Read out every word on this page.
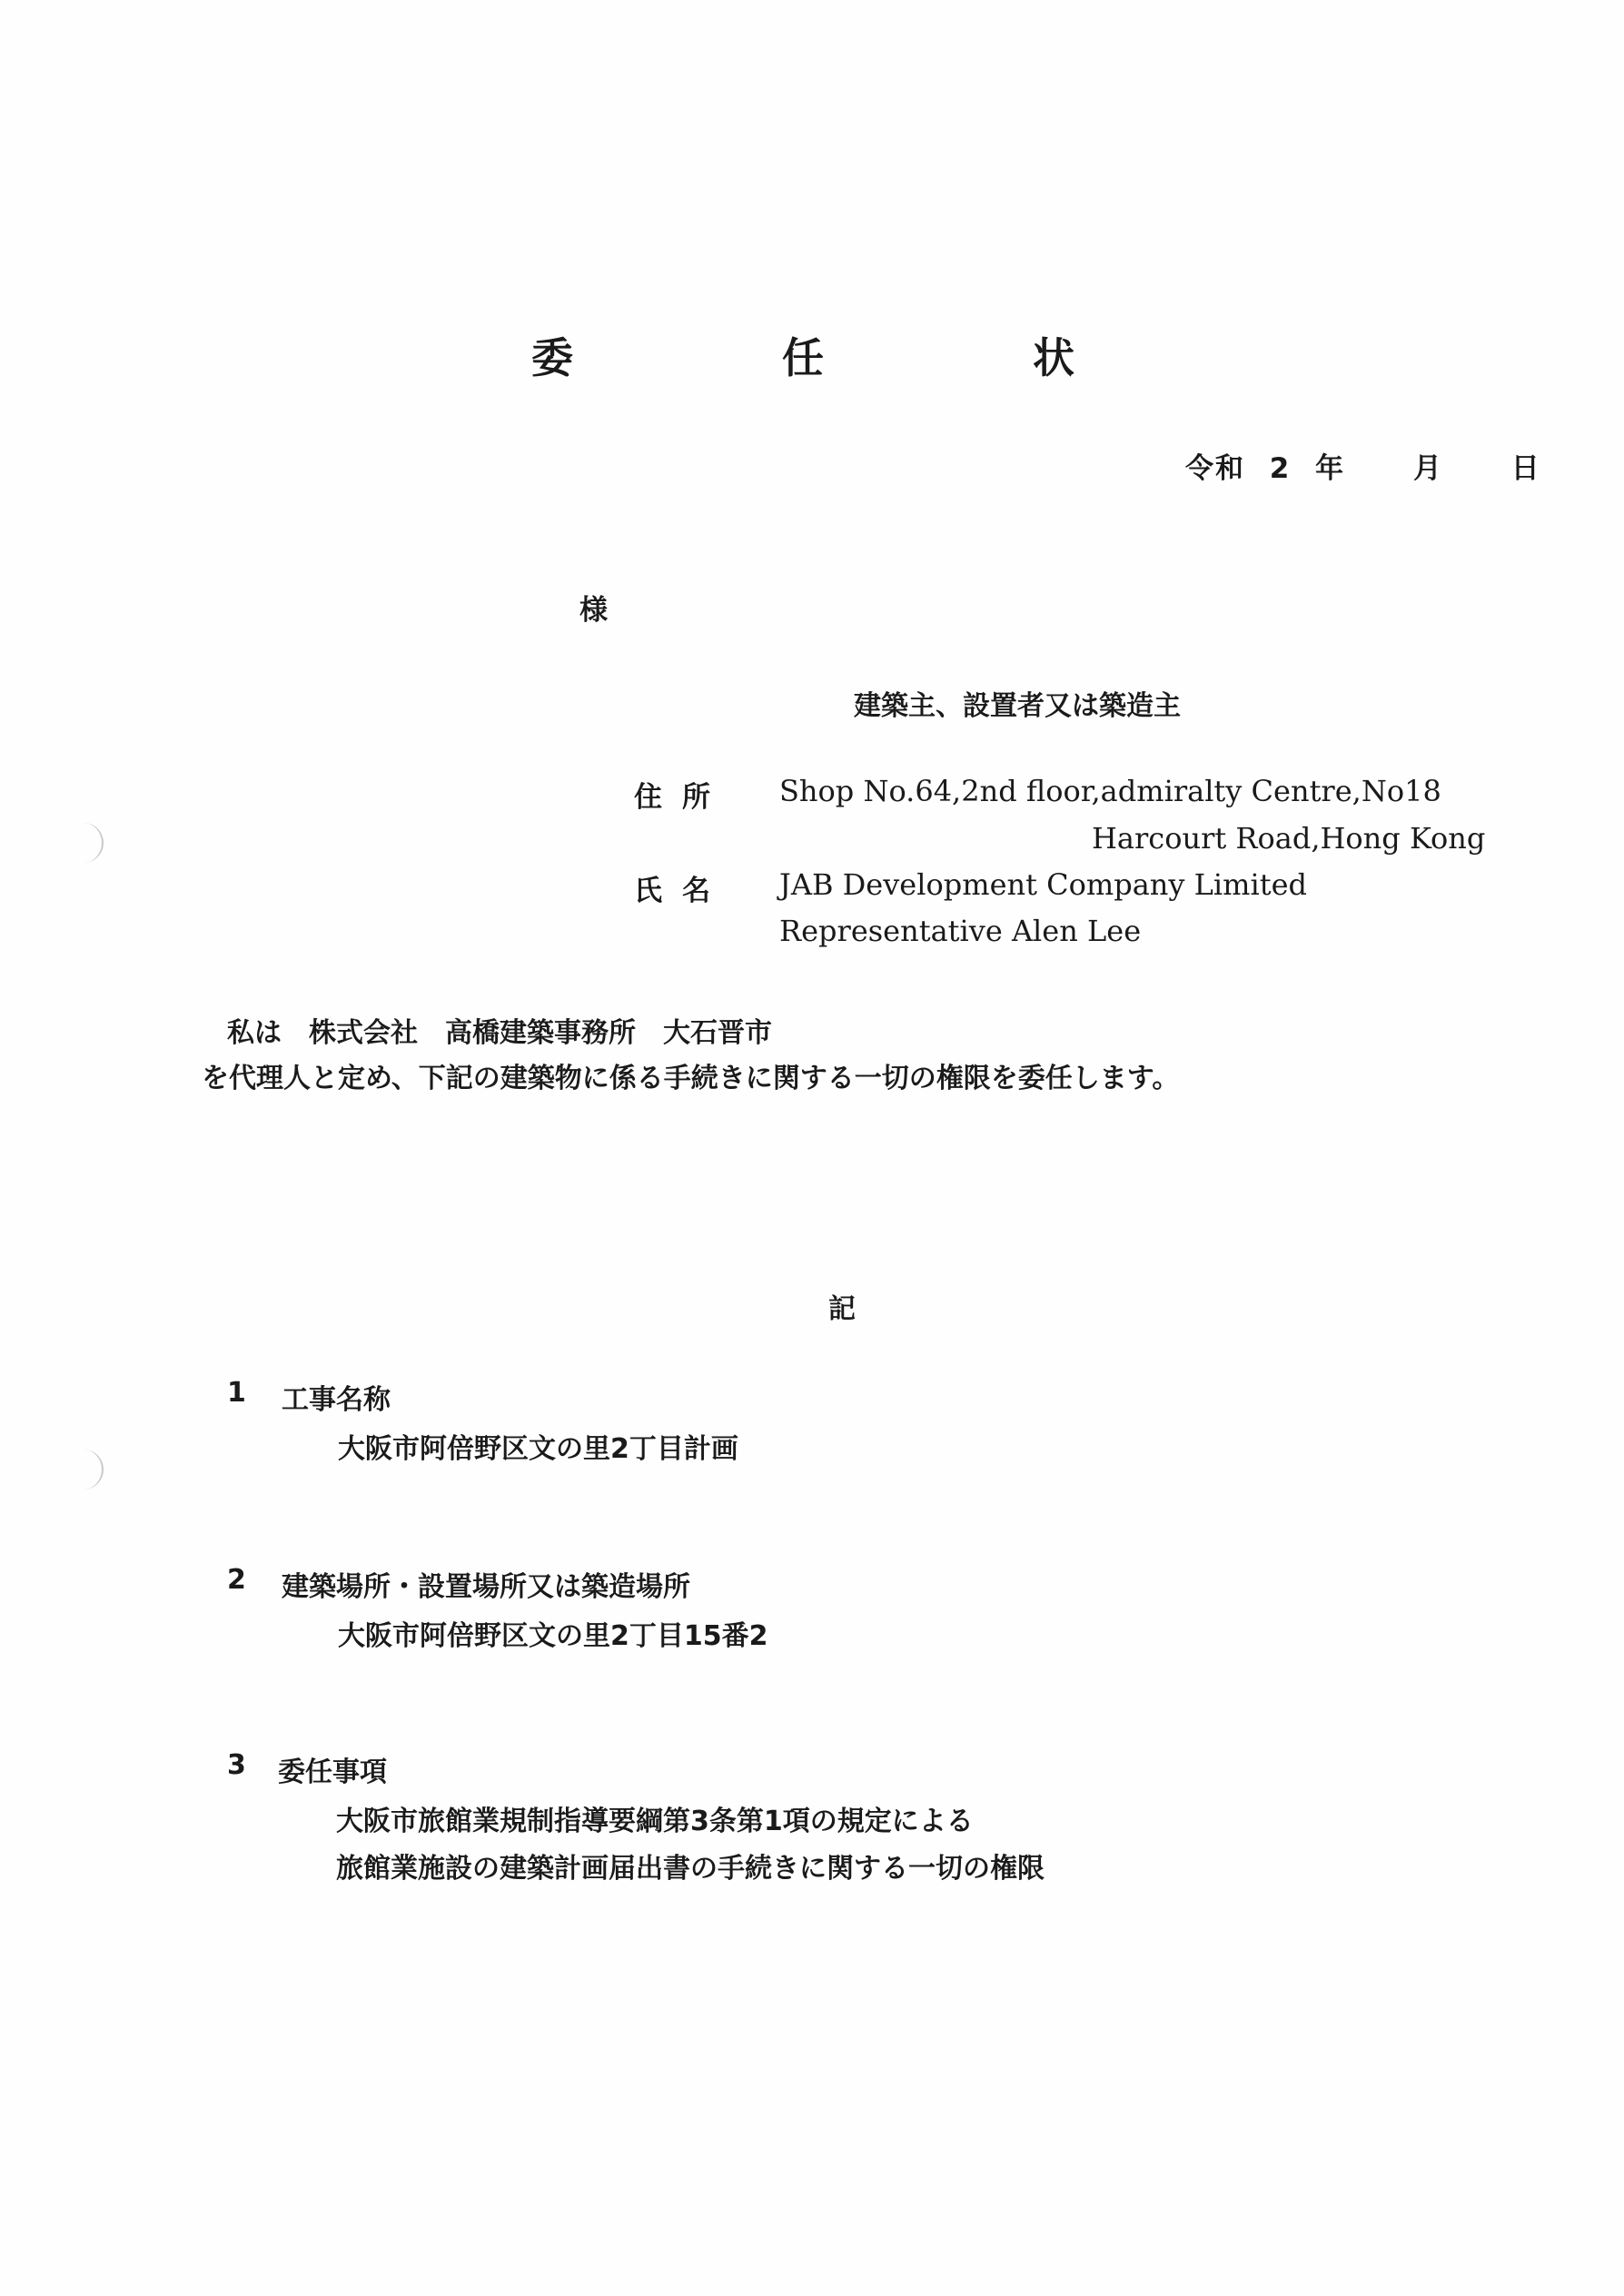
委　任　状
令和 2 年 月 日
様
建築主、設置者又は築造主
住所 Shop No.64,2nd floor,admiralty Centre,No18
Harcourt Road,Hong Kong
氏名 JAB Development Company Limited
Representative Alen Lee
私は　株式会社　高橋建築事務所　大石晋市
を代理人と定め、下記の建築物に係る手続きに関する一切の権限を委任します。
記
1 工事名称
大阪市阿倍野区文の里2丁目計画
2 建築場所・設置場所又は築造場所
大阪市阿倍野区文の里2丁目15番2
3 委任事項
大阪市旅館業規制指導要綱第3条第1項の規定による
旅館業施設の建築計画届出書の手続きに関する一切の権限
